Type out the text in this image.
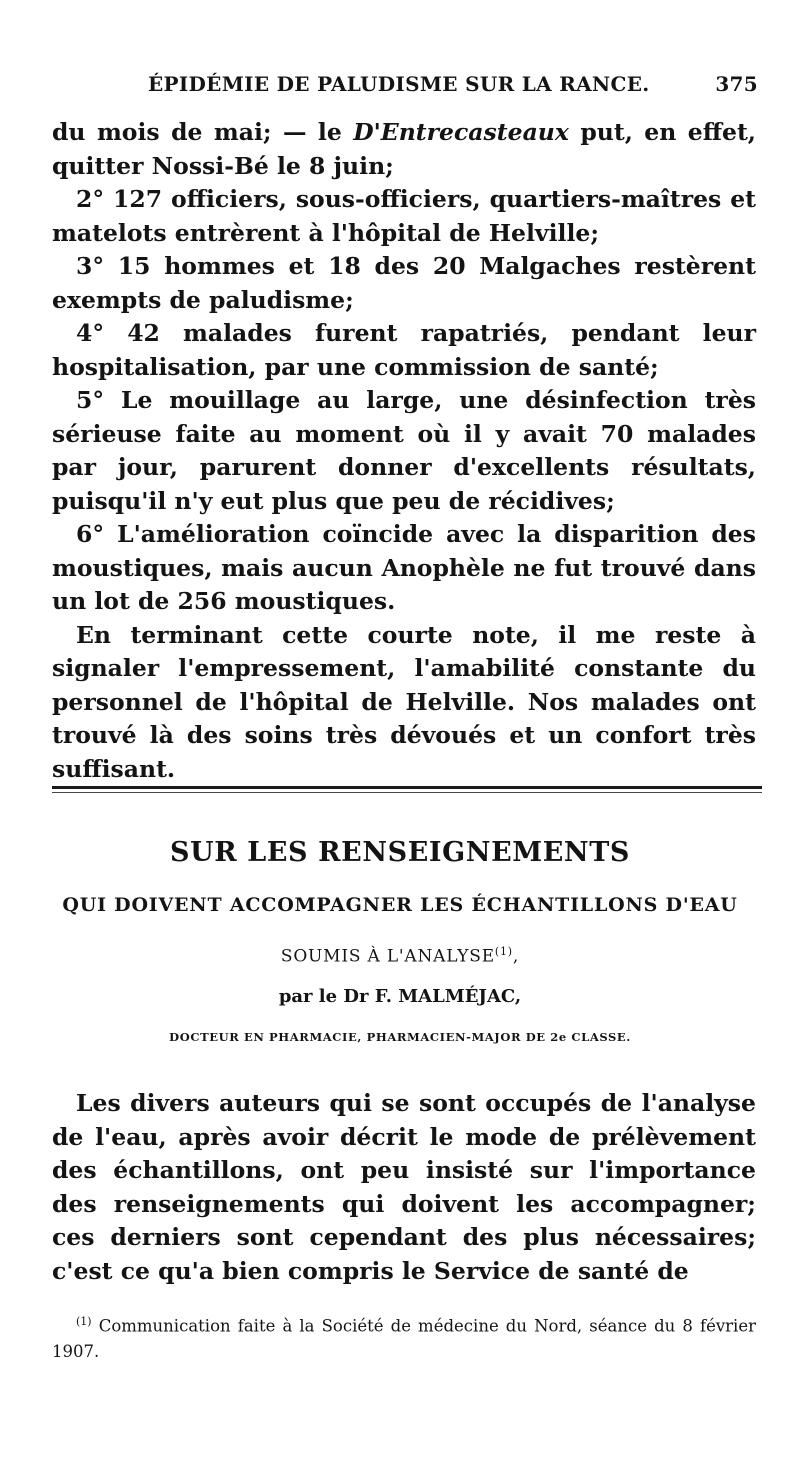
ÉPIDÉMIE DE PALUDISME SUR LA RANCE.	375

du mois de mai; — le D'Entrecasteaux put, en effet, quitter Nossi-Bé le 8 juin;

2° 127 officiers, sous-officiers, quartiers-maîtres et matelots entrèrent à l'hôpital de Helville;

3° 15 hommes et 18 des 20 Malgaches restèrent exempts de paludisme;

4° 42 malades furent rapatriés, pendant leur hospitalisation, par une commission de santé;

5° Le mouillage au large, une désinfection très sérieuse faite au moment où il y avait 70 malades par jour, parurent donner d'excellents résultats, puisqu'il n'y eut plus que peu de récidives;

6° L'amélioration coïncide avec la disparition des moustiques, mais aucun Anophèle ne fut trouvé dans un lot de 256 moustiques.

En terminant cette courte note, il me reste à signaler l'empressement, l'amabilité constante du personnel de l'hôpital de Helville. Nos malades ont trouvé là des soins très dévoués et un confort très suffisant.

SUR LES RENSEIGNEMENTS
QUI DOIVENT ACCOMPAGNER LES ÉCHANTILLONS D'EAU
SOUMIS À L'ANALYSE$^{(1)}$,
par le Dr F. MALMÉJAC,
DOCTEUR EN PHARMACIE, PHARMACIEN-MAJOR DE 2e CLASSE.

Les divers auteurs qui se sont occupés de l'analyse de l'eau, après avoir décrit le mode de prélèvement des échantillons, ont peu insisté sur l'importance des renseignements qui doivent les accompagner; ces derniers sont cependant des plus nécessaires; c'est ce qu'a bien compris le Service de santé de

$^{(1)}$ Communication faite à la Société de médecine du Nord, séance du 8 février 1907.
